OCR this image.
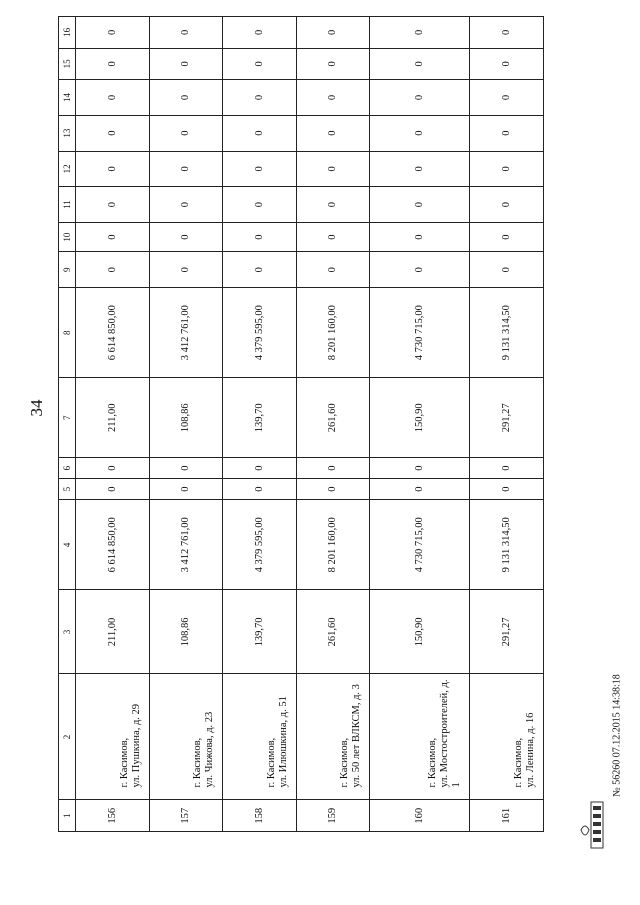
34
1	2	3	4	5	6	7	8	9	10	11	12	13	14	15	16
156	г. Касимов, ул. Пушкина, д. 29	211,00	6 614 850,00	0	0	211,00	6 614 850,00	0	0	0	0	0	0	0	0
157	г. Касимов, ул. Чижова, д. 23	108,86	3 412 761,00	0	0	108,86	3 412 761,00	0	0	0	0	0	0	0	0
158	г. Касимов, ул. Илюшкина, д. 51	139,70	4 379 595,00	0	0	139,70	4 379 595,00	0	0	0	0	0	0	0	0
159	г. Касимов, ул. 50 лет ВЛКСМ, д. 3	261,60	8 201 160,00	0	0	261,60	8 201 160,00	0	0	0	0	0	0	0	0
160	г. Касимов, ул. Мостостроителей, д. 1	150,90	4 730 715,00	0	0	150,90	4 730 715,00	0	0	0	0	0	0	0	0
161	г. Касимов, ул. Ленина, д. 16	291,27	9 131 314,50	0	0	291,27	9 131 314,50	0	0	0	0	0	0	0	0
№ 56260 07.12.2015 14:38:18
